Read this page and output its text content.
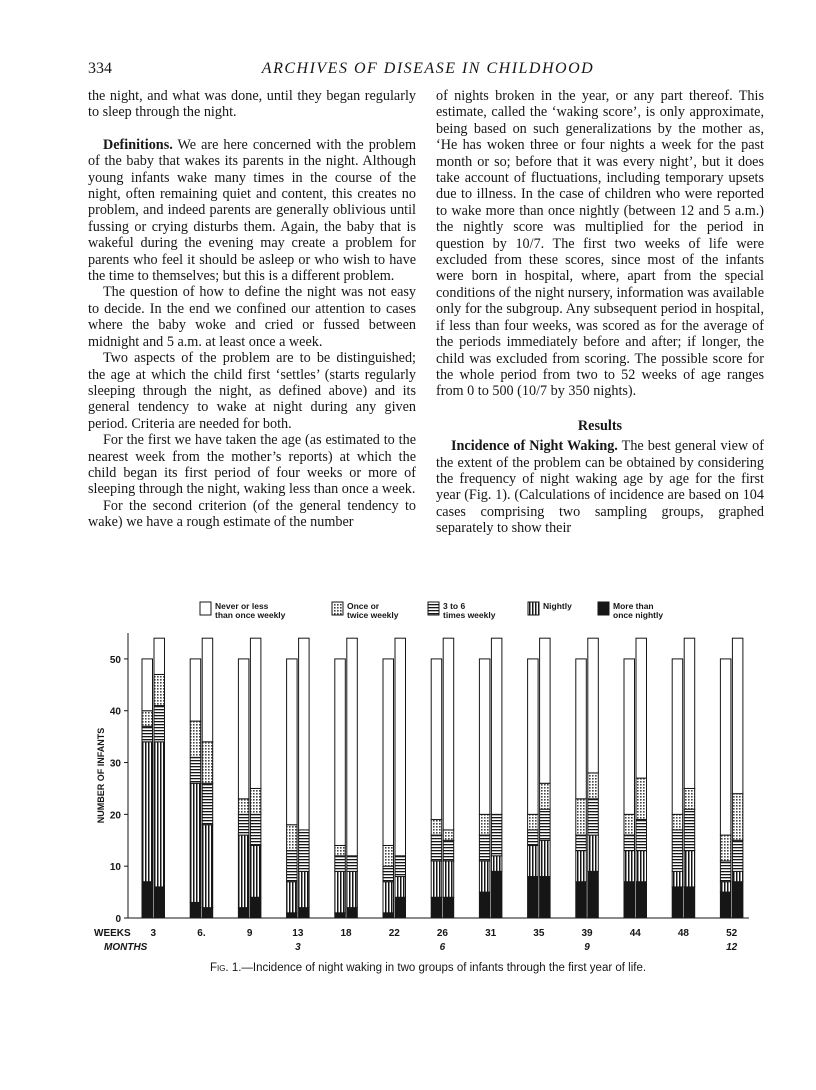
334	ARCHIVES OF DISEASE IN CHILDHOOD

the night, and what was done, until they began regularly to sleep through the night.

Definitions. We are here concerned with the problem of the baby that wakes its parents in the night. Although young infants wake many times in the course of the night, often remaining quiet and content, this creates no problem, and indeed parents are generally oblivious until fussing or crying disturbs them. Again, the baby that is wakeful during the evening may create a problem for parents who feel it should be asleep or who wish to have the time to themselves; but this is a different problem.

The question of how to define the night was not easy to decide. In the end we confined our attention to cases where the baby woke and cried or fussed between midnight and 5 a.m. at least once a week.

Two aspects of the problem are to be distinguished; the age at which the child first ‘settles’ (starts regularly sleeping through the night, as defined above) and its general tendency to wake at night during any given period. Criteria are needed for both.

For the first we have taken the age (as estimated to the nearest week from the mother’s reports) at which the child began its first period of four weeks or more of sleeping through the night, waking less than once a week.

For the second criterion (of the general tendency to wake) we have a rough estimate of the number

of nights broken in the year, or any part thereof. This estimate, called the ‘waking score’, is only approximate, being based on such generalizations by the mother as, ‘He has woken three or four nights a week for the past month or so; before that it was every night’, but it does take account of fluctuations, including temporary upsets due to illness. In the case of children who were reported to wake more than once nightly (between 12 and 5 a.m.) the nightly score was multiplied for the period in question by 10/7. The first two weeks of life were excluded from these scores, since most of the infants were born in hospital, where, apart from the special conditions of the night nursery, information was available only for the subgroup. Any subsequent period in hospital, if less than four weeks, was scored as for the average of the periods immediately before and after; if longer, the child was excluded from scoring. The possible score for the whole period from two to 52 weeks of age ranges from 0 to 500 (10/7 by 350 nights).

Results

Incidence of Night Waking. The best general view of the extent of the problem can be obtained by considering the frequency of night waking age by age for the first year (Fig. 1). (Calculations of incidence are based on 104 cases comprising two sampling groups, graphed separately to show their

Never or less than once weekly
Once or twice weekly
3 to 6 times weekly
Nightly	More than once nightly
0
10
20
30
40
50
NUMBER OF INFANTS
WEEKS
MONTHS
3	6.	9	13	18	22	26	31	35	39	44	48	52
3	6	9	12
Fig. 1.—Incidence of night waking in two groups of infants through the first year of life.
